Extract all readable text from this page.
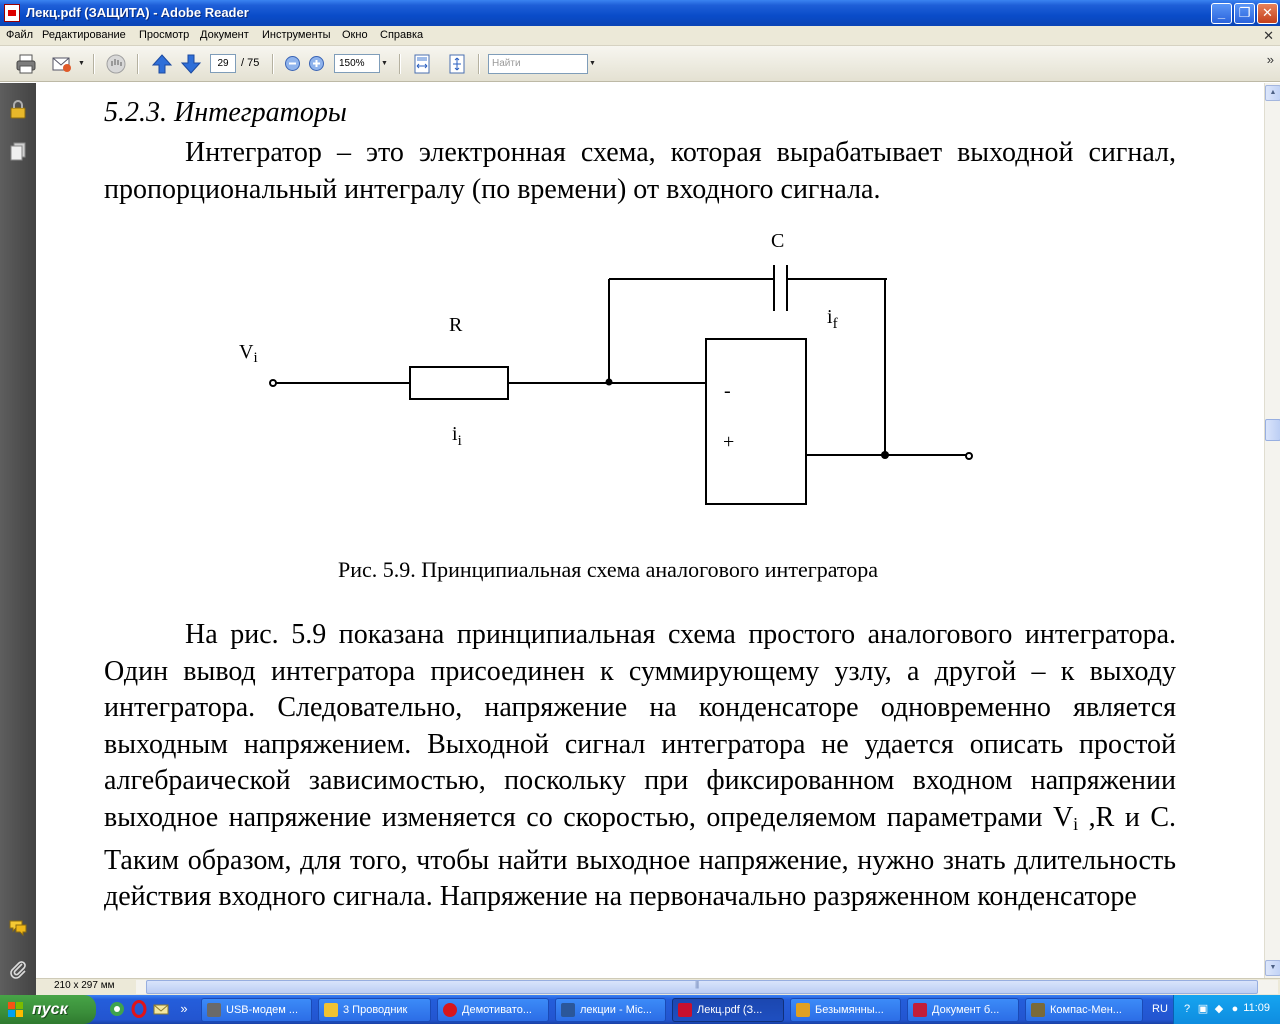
Лекц.pdf (ЗАЩИТА) - Adobe Reader	_	❐ ✕
Файл Редактирование Просмотр Документ Инструменты Окно Справка	✕
▼	29	/ 75	150%	▼	Найти	▼	»
5.2.3. Интеграторы
Интегратор – это электронная схема, которая вырабатывает выходной сигнал, пропорциональный интегралу (по времени) от входного сигнала.
C
$i_f$
R
$V_i$
$i_i$
-
+
Рис. 5.9. Принципиальная схема аналогового интегратора
На рис. 5.9 показана принципиальная схема простого аналогового интегратора. Один вывод интегратора присоединен к суммирующему узлу, а другой – к выходу интегратора. Следовательно, напряжение на конденсаторе одновременно является выходным напряжением. Выходной сигнал интегратора не удается описать простой алгебраической зависимостью, поскольку при фиксированном входном напряжении выходное напряжение изменяется со скоростью, определяемом параметрами Vi ,R и C. Таким образом, для того, чтобы найти выходное напряжение, нужно знать длительность действия входного сигнала. Напряжение на первоначально разряженном конденсаторе
▲
▼
210 x 297 мм
|||
пуск	»	USB-модем ...	3 Проводник	Демотивато...	лекции - Mic...	Лекц.pdf (З...	Безымянны...	Документ б...	Компас-Мен...	RU	? ▣ ◆ ● 11:09
